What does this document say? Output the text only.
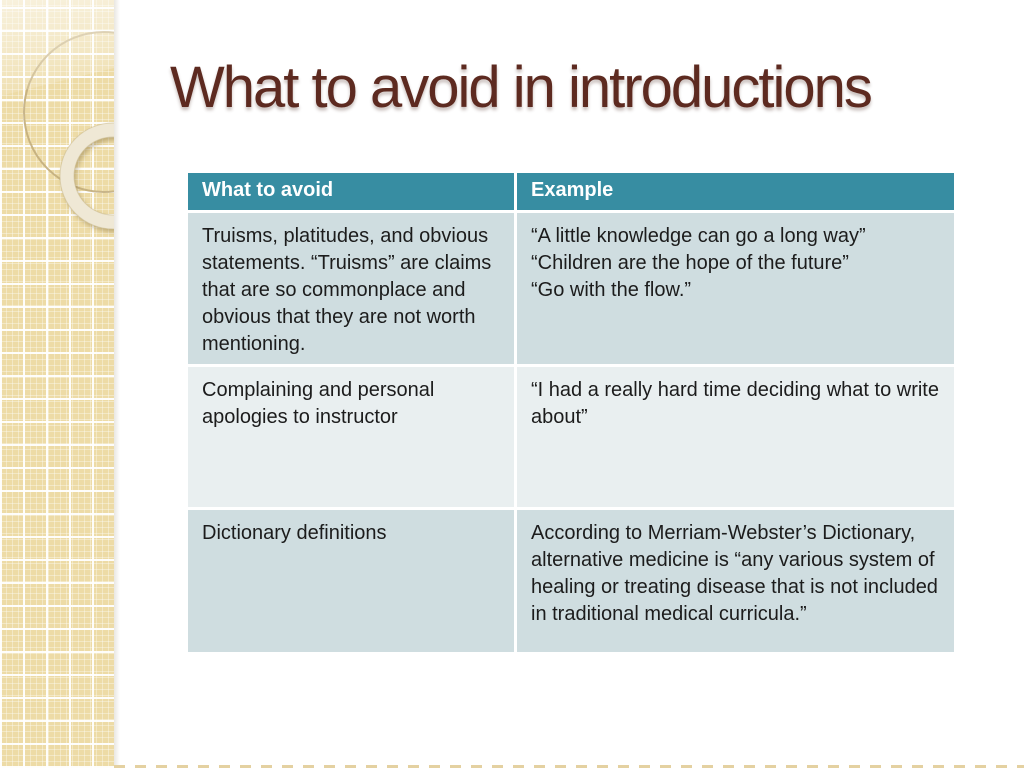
What to avoid in introductions
What to avoid	Example
Truisms, platitudes, and obvious statements. “Truisms” are claims that are so commonplace and obvious that they are not worth mentioning.
“A little knowledge can go a long way”
“Children are the hope of the future”
“Go with the flow.”
Complaining and personal apologies to instructor
“I had a really hard time deciding what to write about”
Dictionary definitions	According to Merriam-Webster’s Dictionary, alternative medicine is “any various system of healing or treating disease that is not included in traditional medical curricula.”
